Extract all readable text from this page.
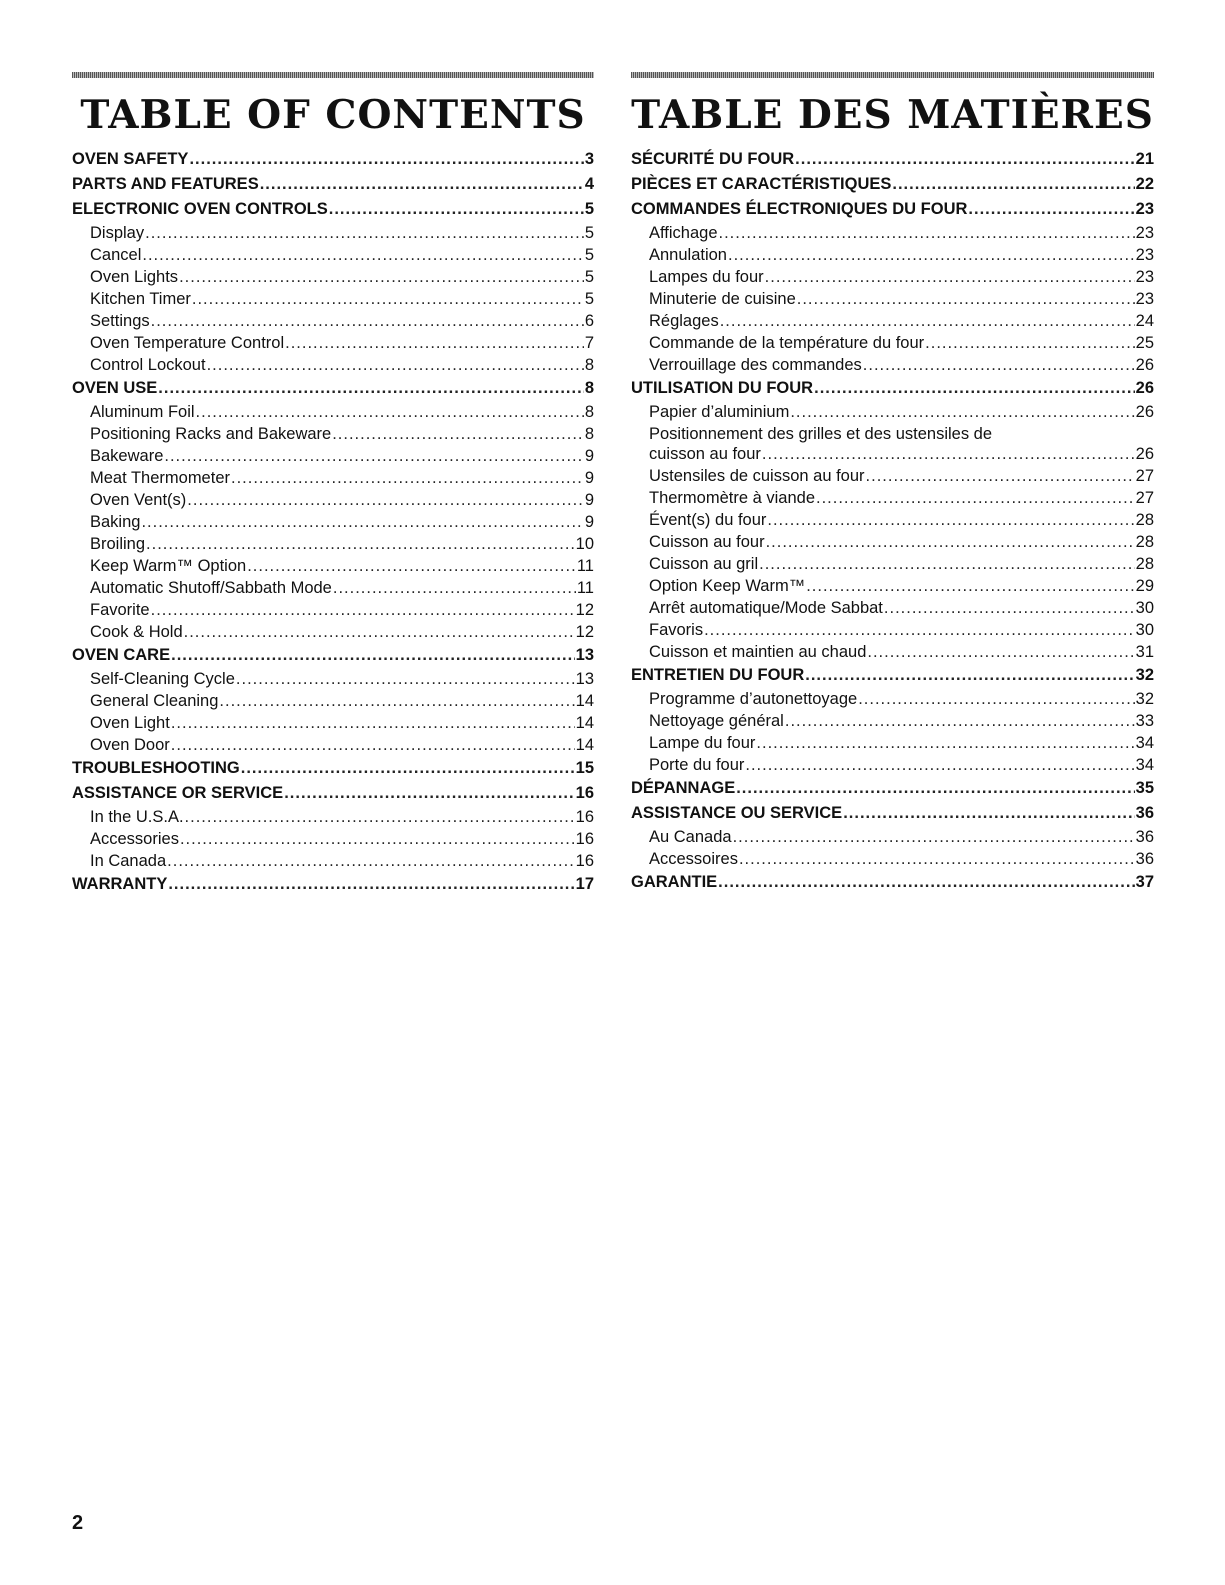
TABLE OF CONTENTS
OVEN SAFETY .....	3
PARTS AND FEATURES .....	4
ELECTRONIC OVEN CONTROLS .....	5
Display .....	5
Cancel .....	5
Oven Lights .....	5
Kitchen Timer .....	5
Settings .....	6
Oven Temperature Control .....	7
Control Lockout .....	8
OVEN USE .....	8
Aluminum Foil .....	8
Positioning Racks and Bakeware .....	8
Bakeware .....	9
Meat Thermometer .....	9
Oven Vent(s) .....	9
Baking .....	9
Broiling .....	10
Keep Warm™ Option .....	11
Automatic Shutoff/Sabbath Mode .....	11
Favorite .....	12
Cook & Hold .....	12
OVEN CARE .....	13
Self-Cleaning Cycle .....	13
General Cleaning .....	14
Oven Light .....	14
Oven Door .....	14
TROUBLESHOOTING .....	15
ASSISTANCE OR SERVICE .....	16
In the U.S.A. .....	16
Accessories .....	16
In Canada .....	16
WARRANTY .....	17
TABLE DES MATIÈRES
SÉCURITÉ DU FOUR .....	21
PIÈCES ET CARACTÉRISTIQUES .....	22
COMMANDES ÉLECTRONIQUES DU FOUR .....	23
Affichage .....	23
Annulation .....	23
Lampes du four .....	23
Minuterie de cuisine .....	23
Réglages .....	24
Commande de la température du four .....	25
Verrouillage des commandes .....	26
UTILISATION DU FOUR .....	26
Papier d’aluminium .....	26
Positionnement des grilles et des ustensiles de
cuisson au four .....	26
Ustensiles de cuisson au four .....	27
Thermomètre à viande .....	27
Évent(s) du four .....	28
Cuisson au four .....	28
Cuisson au gril .....	28
Option Keep Warm™ .....	29
Arrêt automatique/Mode Sabbat .....	30
Favoris .....	30
Cuisson et maintien au chaud .....	31
ENTRETIEN DU FOUR .....	32
Programme d’autonettoyage .....	32
Nettoyage général .....	33
Lampe du four .....	34
Porte du four .....	34
DÉPANNAGE .....	35
ASSISTANCE OU SERVICE .....	36
Au Canada .....	36
Accessoires .....	36
GARANTIE .....	37
2
